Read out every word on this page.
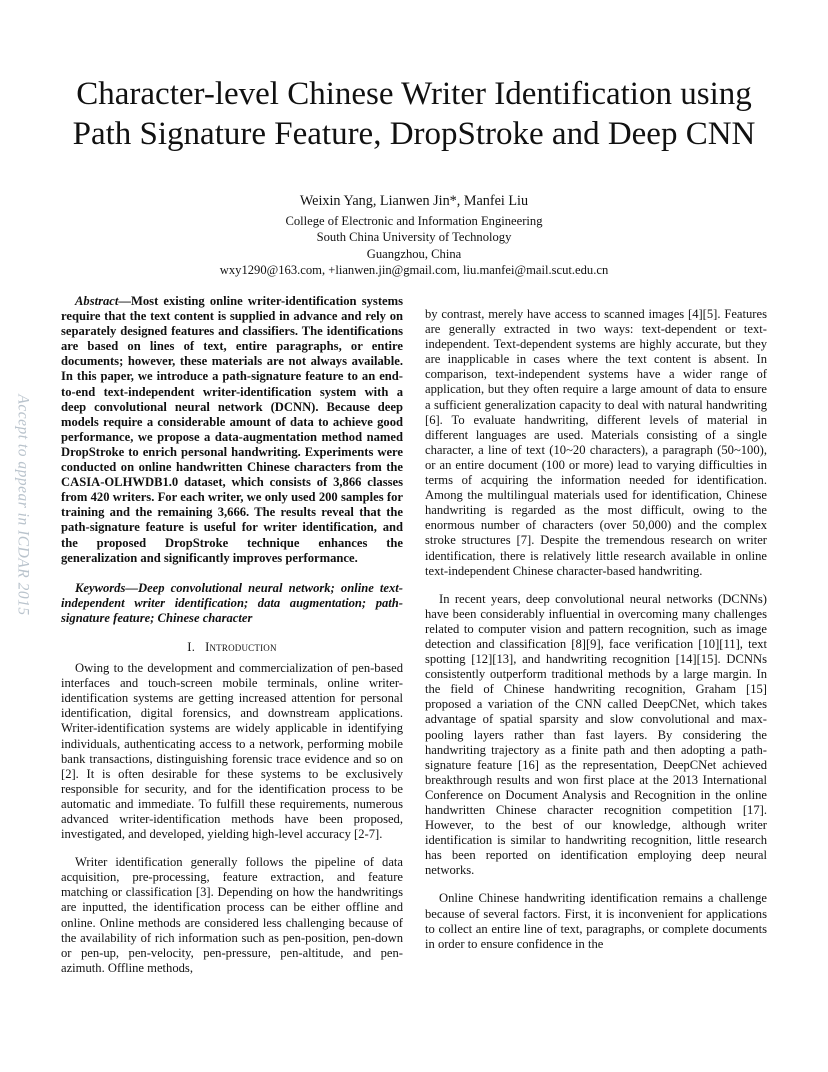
Character-level Chinese Writer Identification using
Path Signature Feature, DropStroke and Deep CNN
Weixin Yang, Lianwen Jin*, Manfei Liu
College of Electronic and Information Engineering
South China University of Technology
Guangzhou, China
wxy1290@163.com, +lianwen.jin@gmail.com, liu.manfei@mail.scut.edu.cn
Accept to appear in ICDAR 2015

Abstract—Most existing online writer-identification systems require that the text content is supplied in advance and rely on separately designed features and classifiers. The identifications are based on lines of text, entire paragraphs, or entire documents; however, these materials are not always available. In this paper, we introduce a path-signature feature to an end-to-end text-independent writer-identification system with a deep convolutional neural network (DCNN). Because deep models require a considerable amount of data to achieve good performance, we propose a data-augmentation method named DropStroke to enrich personal handwriting. Experiments were conducted on online handwritten Chinese characters from the CASIA-OLHWDB1.0 dataset, which consists of 3,866 classes from 420 writers. For each writer, we only used 200 samples for training and the remaining 3,666. The results reveal that the path-signature feature is useful for writer identification, and the proposed DropStroke technique enhances the generalization and significantly improves performance.

Keywords—Deep convolutional neural network; online text-independent writer identification; data augmentation; path-signature feature; Chinese character

I. Introduction

Owing to the development and commercialization of pen-based interfaces and touch-screen mobile terminals, online writer-identification systems are getting increased attention for personal identification, digital forensics, and downstream applications. Writer-identification systems are widely applicable in identifying individuals, authenticating access to a network, performing mobile bank transactions, distinguishing forensic trace evidence and so on [2]. It is often desirable for these systems to be exclusively responsible for security, and for the identification process to be automatic and immediate. To fulfill these requirements, numerous advanced writer-identification methods have been proposed, investigated, and developed, yielding high-level accuracy [2-7].

Writer identification generally follows the pipeline of data acquisition, pre-processing, feature extraction, and feature matching or classification [3]. Depending on how the handwritings are inputted, the identification process can be either offline and online. Online methods are considered less challenging because of the availability of rich information such as pen-position, pen-down or pen-up, pen-velocity, pen-pressure, pen-altitude, and pen-azimuth. Offline methods,

by contrast, merely have access to scanned images [4][5]. Features are generally extracted in two ways: text-dependent or text-independent. Text-dependent systems are highly accurate, but they are inapplicable in cases where the text content is absent. In comparison, text-independent systems have a wider range of application, but they often require a large amount of data to ensure a sufficient generalization capacity to deal with natural handwriting [6]. To evaluate handwriting, different levels of material in different languages are used. Materials consisting of a single character, a line of text (10~20 characters), a paragraph (50~100), or an entire document (100 or more) lead to varying difficulties in terms of acquiring the information needed for identification. Among the multilingual materials used for identification, Chinese handwriting is regarded as the most difficult, owing to the enormous number of characters (over 50,000) and the complex stroke structures [7]. Despite the tremendous research on writer identification, there is relatively little research available in online text-independent Chinese character-based handwriting.

In recent years, deep convolutional neural networks (DCNNs) have been considerably influential in overcoming many challenges related to computer vision and pattern recognition, such as image detection and classification [8][9], face verification [10][11], text spotting [12][13], and handwriting recognition [14][15]. DCNNs consistently outperform traditional methods by a large margin. In the field of Chinese handwriting recognition, Graham [15] proposed a variation of the CNN called DeepCNet, which takes advantage of spatial sparsity and slow convolutional and max-pooling layers rather than fast layers. By considering the handwriting trajectory as a finite path and then adopting a path-signature feature [16] as the representation, DeepCNet achieved breakthrough results and won first place at the 2013 International Conference on Document Analysis and Recognition in the online handwritten Chinese character recognition competition [17]. However, to the best of our knowledge, although writer identification is similar to handwriting recognition, little research has been reported on identification employing deep neural networks.

Online Chinese handwriting identification remains a challenge because of several factors. First, it is inconvenient for applications to collect an entire line of text, paragraphs, or complete documents in order to ensure confidence in the
